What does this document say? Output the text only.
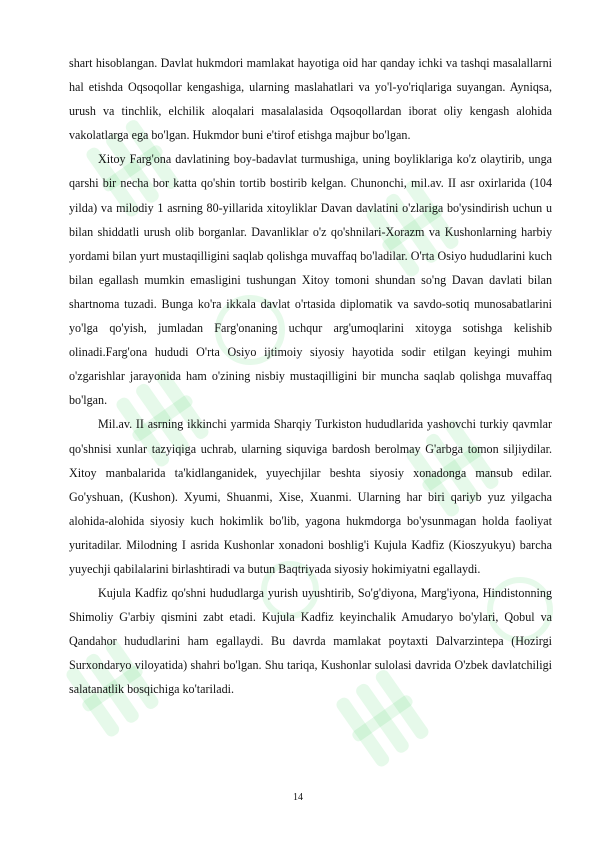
shart hisoblangan. Davlat hukmdori mamlakat hayotiga oid har qanday ichki va tashqi masalallarni hal etishda Oqsoqollar kengashiga, ularning maslahatlari va yo'l-yo'riqlariga suyangan. Ayniqsa, urush va tinchlik, elchilik aloqalari masalalasida Oqsoqollardan iborat oliy kengash alohida vakolatlarga ega bo'lgan. Hukmdor buni e'tirof etishga majbur bo'lgan.

Xitoy Farg'ona davlatining boy-badavlat turmushiga, uning boyliklariga ko'z olaytirib, unga qarshi bir necha bor katta qo'shin tortib bostirib kelgan. Chunonchi, mil.av. II asr oxirlarida (104 yilda) va milodiy 1 asrning 80-yillarida xitoyliklar Davan davlatini o'zlariga bo'ysindirish uchun u bilan shiddatli urush olib borganlar. Davanliklar o'z qo'shnilari-Xorazm va Kushonlarning harbiy yordami bilan yurt mustaqilligini saqlab qolishga muvaffaq bo'ladilar. O'rta Osiyo hududlarini kuch bilan egallash mumkin emasligini tushungan Xitoy tomoni shundan so'ng Davan davlati bilan shartnoma tuzadi. Bunga ko'ra ikkala davlat o'rtasida diplomatik va savdo-sotiq munosabatlarini yo'lga qo'yish, jumladan Farg'onaning uchqur arg'umoqlarini xitoyga sotishga kelishib olinadi.Farg'ona hududi O'rta Osiyo ijtimoiy siyosiy hayotida sodir etilgan keyingi muhim o'zgarishlar jarayonida ham o'zining nisbiy mustaqilligini bir muncha saqlab qolishga muvaffaq bo'lgan.

Mil.av. II asrning ikkinchi yarmida Sharqiy Turkiston hududlarida yashovchi turkiy qavmlar qo'shnisi xunlar tazyiqiga uchrab, ularning siquviga bardosh berolmay G'arbga tomon siljiydilar. Xitoy manbalarida ta'kidlanganidek, yuyechjilar beshta siyosiy xonadonga mansub edilar. Go'yshuan, (Kushon). Xyumi, Shuanmi, Xise, Xuanmi. Ularning har biri qariyb yuz yilgacha alohida-alohida siyosiy kuch hokimlik bo'lib, yagona hukmdorga bo'ysunmagan holda faoliyat yuritadilar. Milodning I asrida Kushonlar xonadoni boshlig'i Kujula Kadfiz (Kioszyukyu) barcha yuyechji qabilalarini birlashtiradi va butun Baqtriyada siyosiy hokimiyatni egallaydi.

Kujula Kadfiz qo'shni hududlarga yurish uyushtirib, So'g'diyona, Marg'iyona, Hindistonning Shimoliy G'arbiy qismini zabt etadi. Kujula Kadfiz keyinchalik Amudaryo bo'ylari, Qobul va Qandahor hududlarini ham egallaydi. Bu davrda mamlakat poytaxti Dalvarzintepa (Hozirgi Surxondaryo viloyatida) shahri bo'lgan. Shu tariqa, Kushonlar sulolasi davrida O'zbek davlatchiligi salatanatlik bosqichiga ko'tariladi.

14
